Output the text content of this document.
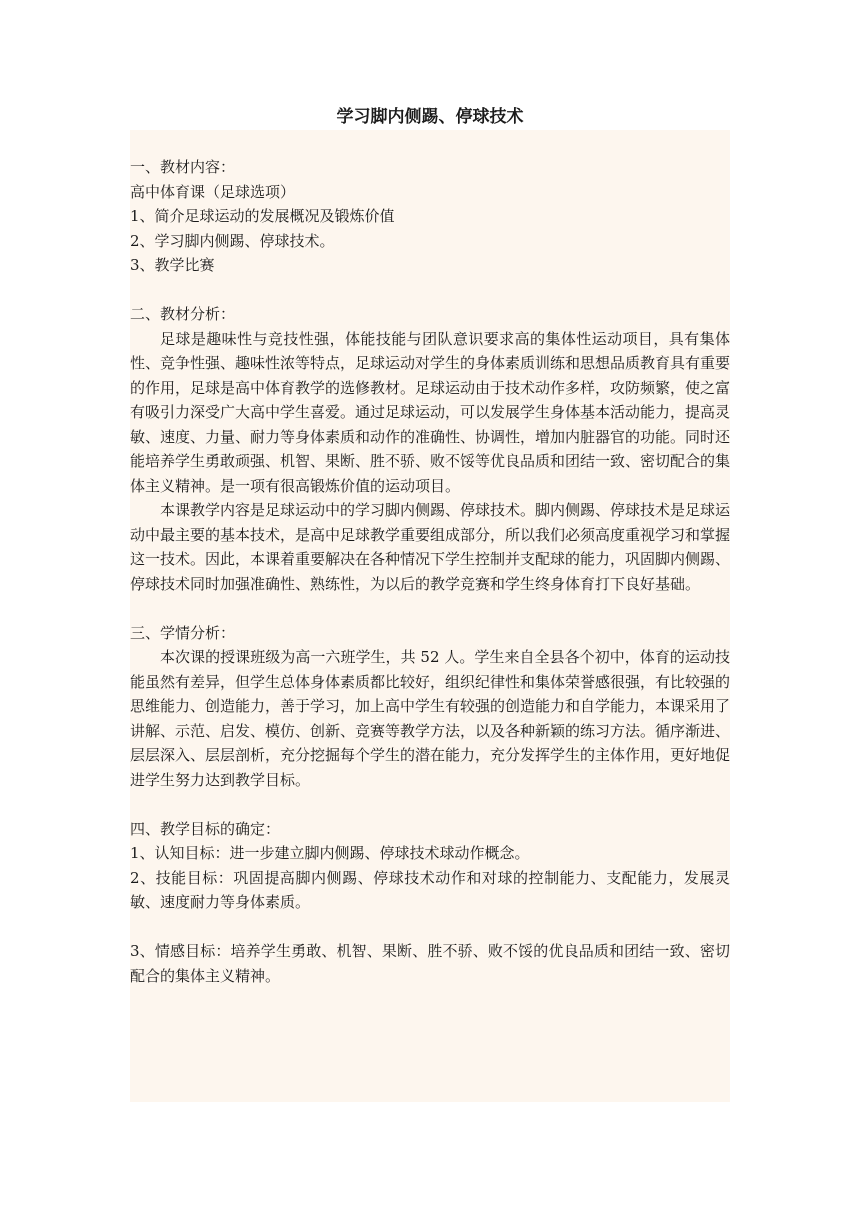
学习脚内侧踢、停球技术

一、教材内容：

高中体育课（足球选项）

1、简介足球运动的发展概况及锻炼价值

2、学习脚内侧踢、停球技术。

3、教学比赛

二、教材分析：

足球是趣味性与竞技性强，体能技能与团队意识要求高的集体性运动项目，具有集体性、竞争性强、趣味性浓等特点，足球运动对学生的身体素质训练和思想品质教育具有重要的作用，足球是高中体育教学的选修教材。足球运动由于技术动作多样，攻防频繁，使之富有吸引力深受广大高中学生喜爱。通过足球运动，可以发展学生身体基本活动能力，提高灵敏、速度、力量、耐力等身体素质和动作的准确性、协调性，增加内脏器官的功能。同时还能培养学生勇敢顽强、机智、果断、胜不骄、败不馁等优良品质和团结一致、密切配合的集体主义精神。是一项有很高锻炼价值的运动项目。

本课教学内容是足球运动中的学习脚内侧踢、停球技术。脚内侧踢、停球技术是足球运动中最主要的基本技术，是高中足球教学重要组成部分，所以我们必须高度重视学习和掌握这一技术。因此，本课着重要解决在各种情况下学生控制并支配球的能力，巩固脚内侧踢、停球技术同时加强准确性、熟练性，为以后的教学竞赛和学生终身体育打下良好基础。

三、学情分析：

本次课的授课班级为高一六班学生，共 52 人。学生来自全县各个初中，体育的运动技能虽然有差异，但学生总体身体素质都比较好，组织纪律性和集体荣誉感很强，有比较强的思维能力、创造能力，善于学习，加上高中学生有较强的创造能力和自学能力，本课采用了讲解、示范、启发、模仿、创新、竞赛等教学方法，以及各种新颖的练习方法。循序渐进、层层深入、层层剖析，充分挖掘每个学生的潜在能力，充分发挥学生的主体作用，更好地促进学生努力达到教学目标。

四、教学目标的确定：

1、认知目标：进一步建立脚内侧踢、停球技术球动作概念。

2、技能目标：巩固提高脚内侧踢、停球技术动作和对球的控制能力、支配能力，发展灵敏、速度耐力等身体素质。

3、情感目标：培养学生勇敢、机智、果断、胜不骄、败不馁的优良品质和团结一致、密切配合的集体主义精神。
